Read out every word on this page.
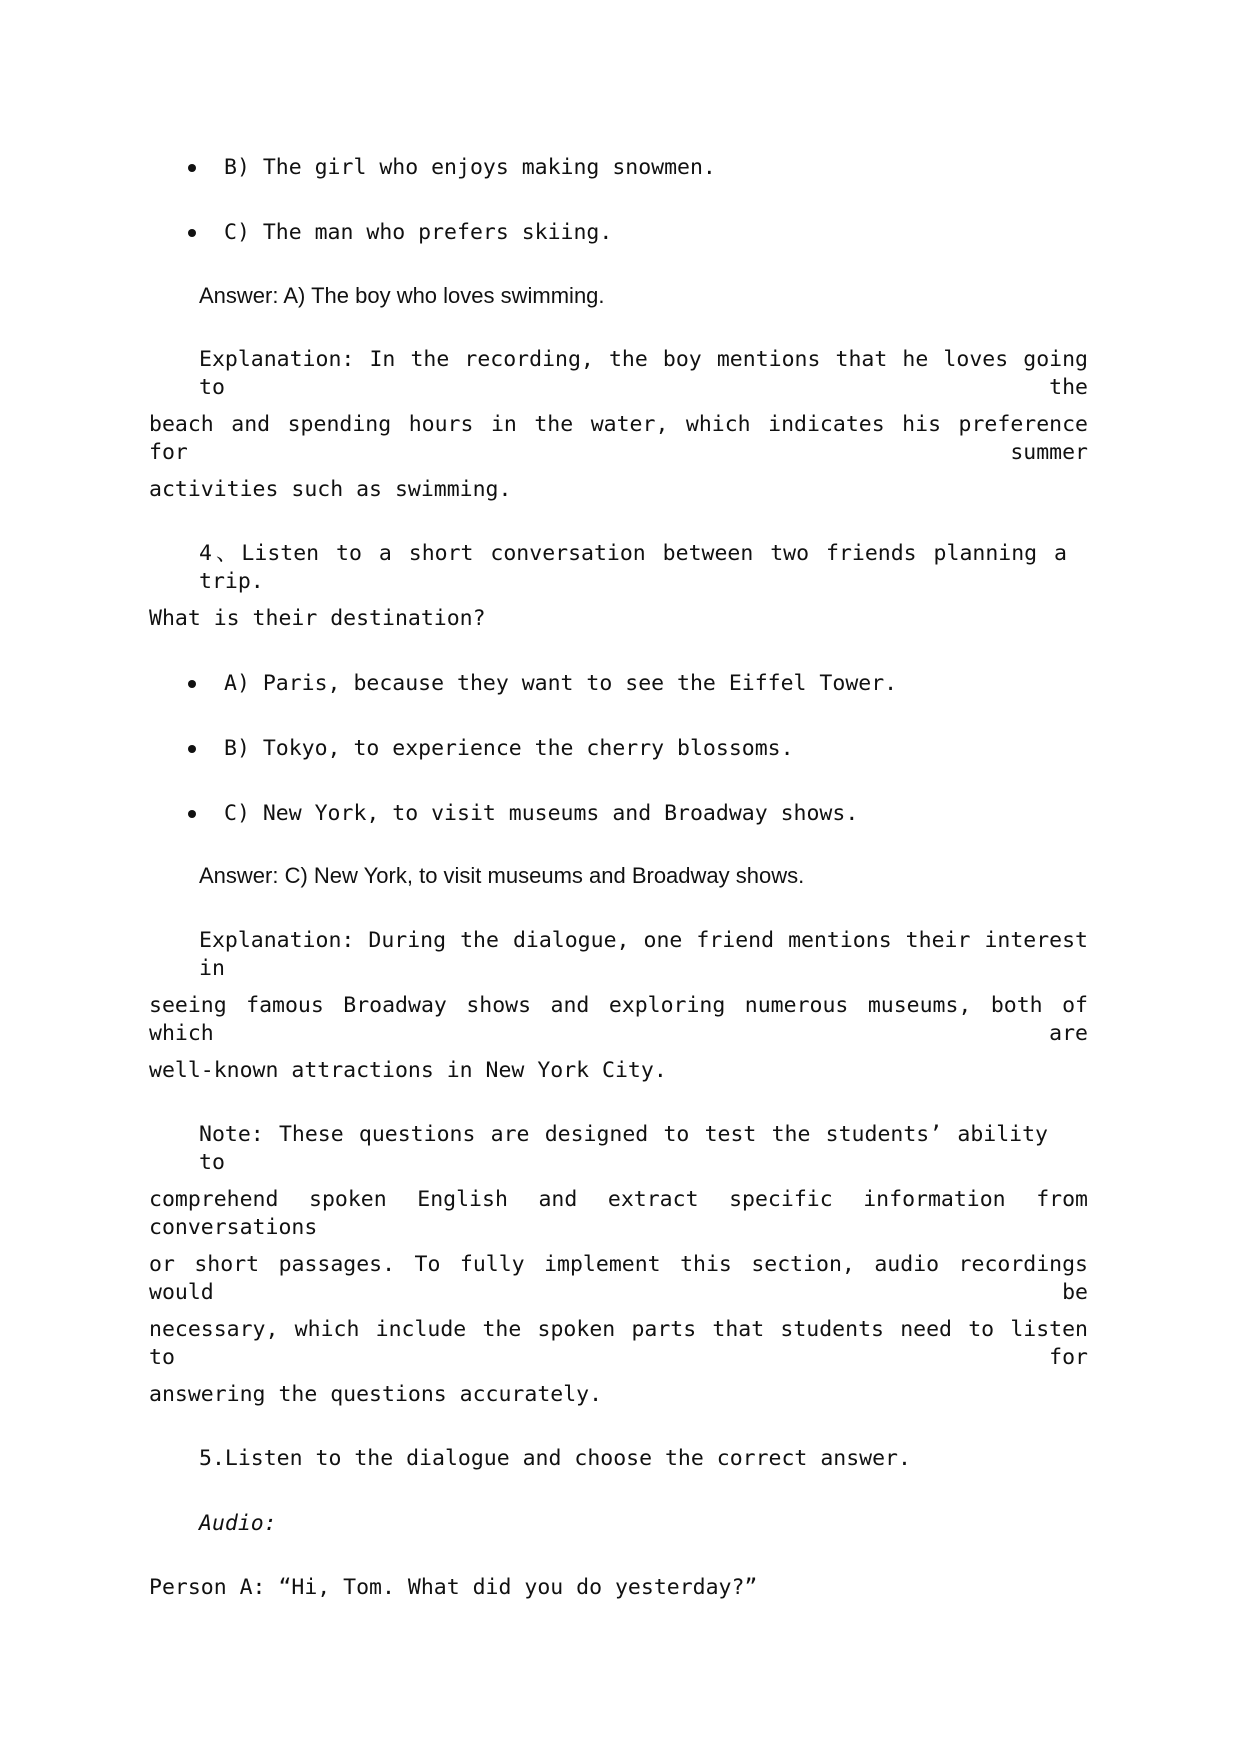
B) The girl who enjoys making snowmen.
C) The man who prefers skiing.
Answer: A) The boy who loves swimming.
Explanation: In the recording, the boy mentions that he loves going to the
beach and spending hours in the water, which indicates his preference for summer
activities such as swimming.
4、Listen to a short conversation between two friends planning a trip.
What is their destination?
A) Paris, because they want to see the Eiffel Tower.
B) Tokyo, to experience the cherry blossoms.
C) New York, to visit museums and Broadway shows.
Answer: C) New York, to visit museums and Broadway shows.
Explanation: During the dialogue, one friend mentions their interest in
seeing famous Broadway shows and exploring numerous museums, both of which are
well-known attractions in New York City.
Note: These questions are designed to test the students’ ability to
comprehend spoken English and extract specific information from conversations
or short passages. To fully implement this section, audio recordings would be
necessary, which include the spoken parts that students need to listen to for
answering the questions accurately.
5.Listen to the dialogue and choose the correct answer.
Audio:
Person A: “Hi, Tom. What did you do yesterday?”
